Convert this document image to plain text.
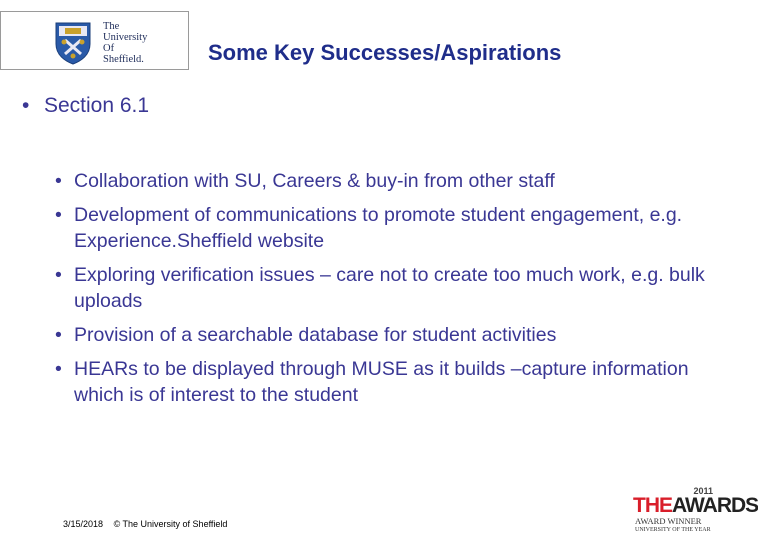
The
University
Of
Sheffield.	Some Key Successes/Aspirations
• Section 6.1
• Collaboration with SU, Careers & buy-in from other staff
• Development of communications to promote student engagement, e.g. Experience.Sheffield website
• Exploring verification issues – care not to create too much work, e.g. bulk uploads
• Provision of a searchable database for student activities
• HEARs to be displayed through MUSE as it builds –capture information which is of interest to the student
3/15/2018 © The University of Sheffield
2011
THEAWARDS
AWARD WINNER
UNIVERSITY OF THE YEAR
